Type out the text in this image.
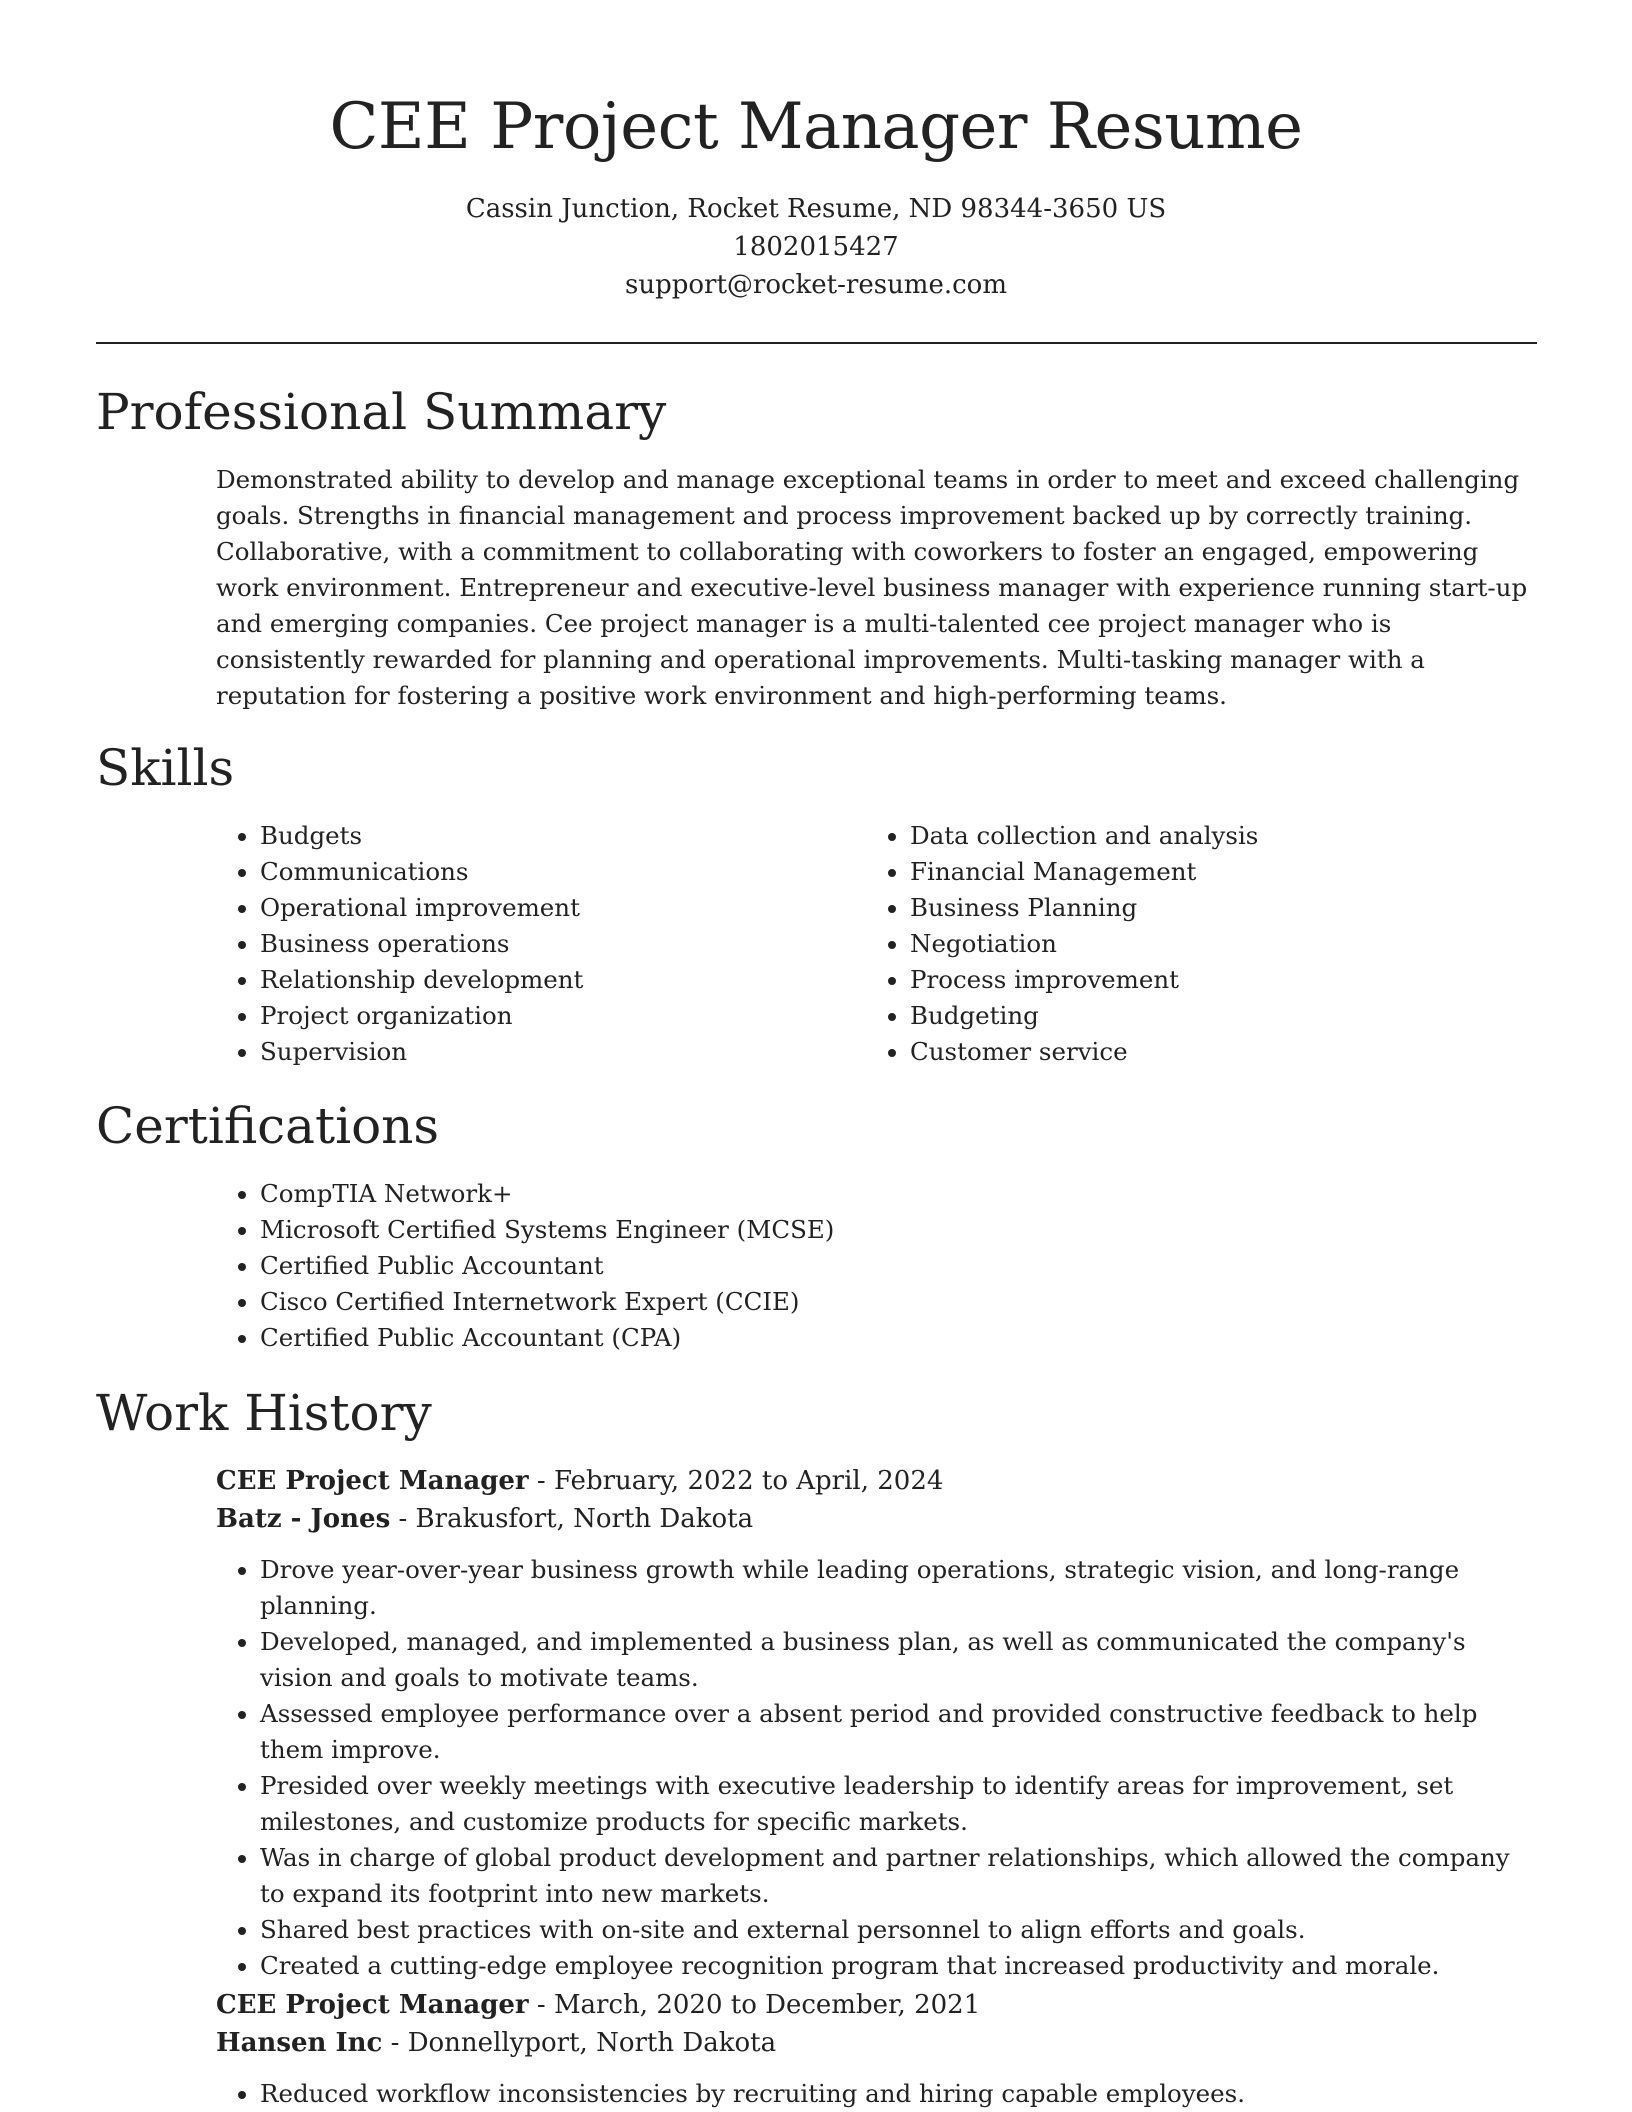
CEE Project Manager Resume

Cassin Junction, Rocket Resume, ND 98344-3650 US

1802015427

support@rocket-resume.com

Professional Summary

Demonstrated ability to develop and manage exceptional teams in order to meet and exceed challenging goals. Strengths in financial management and process improvement backed up by correctly training. Collaborative, with a commitment to collaborating with coworkers to foster an engaged, empowering work environment. Entrepreneur and executive-level business manager with experience running start-up and emerging companies. Cee project manager is a multi-talented cee project manager who is consistently rewarded for planning and operational improvements. Multi-tasking manager with a reputation for fostering a positive work environment and high-performing teams.

Skills
• Budgets
• Communications
• Operational improvement
• Business operations
• Relationship development
• Project organization
• Supervision
• Data collection and analysis
• Financial Management
• Business Planning
• Negotiation
• Process improvement
• Budgeting
• Customer service
Certifications
• CompTIA Network+
• Microsoft Certified Systems Engineer (MCSE)
• Certified Public Accountant
• Cisco Certified Internetwork Expert (CCIE)
• Certified Public Accountant (CPA)
Work History

CEE Project Manager - February, 2022 to April, 2024

Batz - Jones - Brakusfort, North Dakota

• Drove year-over-year business growth while leading operations, strategic vision, and long-range planning.
• Developed, managed, and implemented a business plan, as well as communicated the company's vision and goals to motivate teams.
• Assessed employee performance over a absent period and provided constructive feedback to help them improve.
• Presided over weekly meetings with executive leadership to identify areas for improvement, set milestones, and customize products for specific markets.
• Was in charge of global product development and partner relationships, which allowed the company to expand its footprint into new markets.
• Shared best practices with on-site and external personnel to align efforts and goals.
• Created a cutting-edge employee recognition program that increased productivity and morale.

CEE Project Manager - March, 2020 to December, 2021

Hansen Inc - Donnellyport, North Dakota

• Reduced workflow inconsistencies by recruiting and hiring capable employees.
